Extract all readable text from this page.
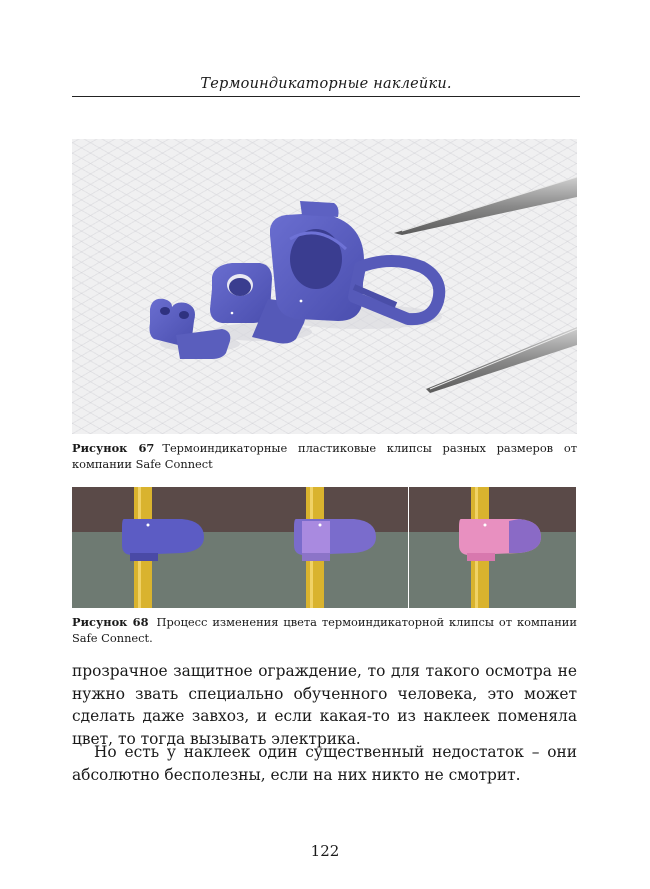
Термоиндикаторные наклейки.
Рисунок 67 Термоиндикаторные пластиковые клипсы разных размеров от компании Safe Connect
Рисунок 68 Процесс изменения цвета термоиндикаторной клипсы от компании Safe Connect.
прозрачное защитное ограждение, то для такого осмотра не нужно звать специально обученного человека, это может сделать даже завхоз, и если какая-то из наклеек поменяла цвет, то тогда вызывать электрика.
Но есть у наклеек один существенный недостаток – они абсолютно бесполезны, если на них никто не смотрит.
122
